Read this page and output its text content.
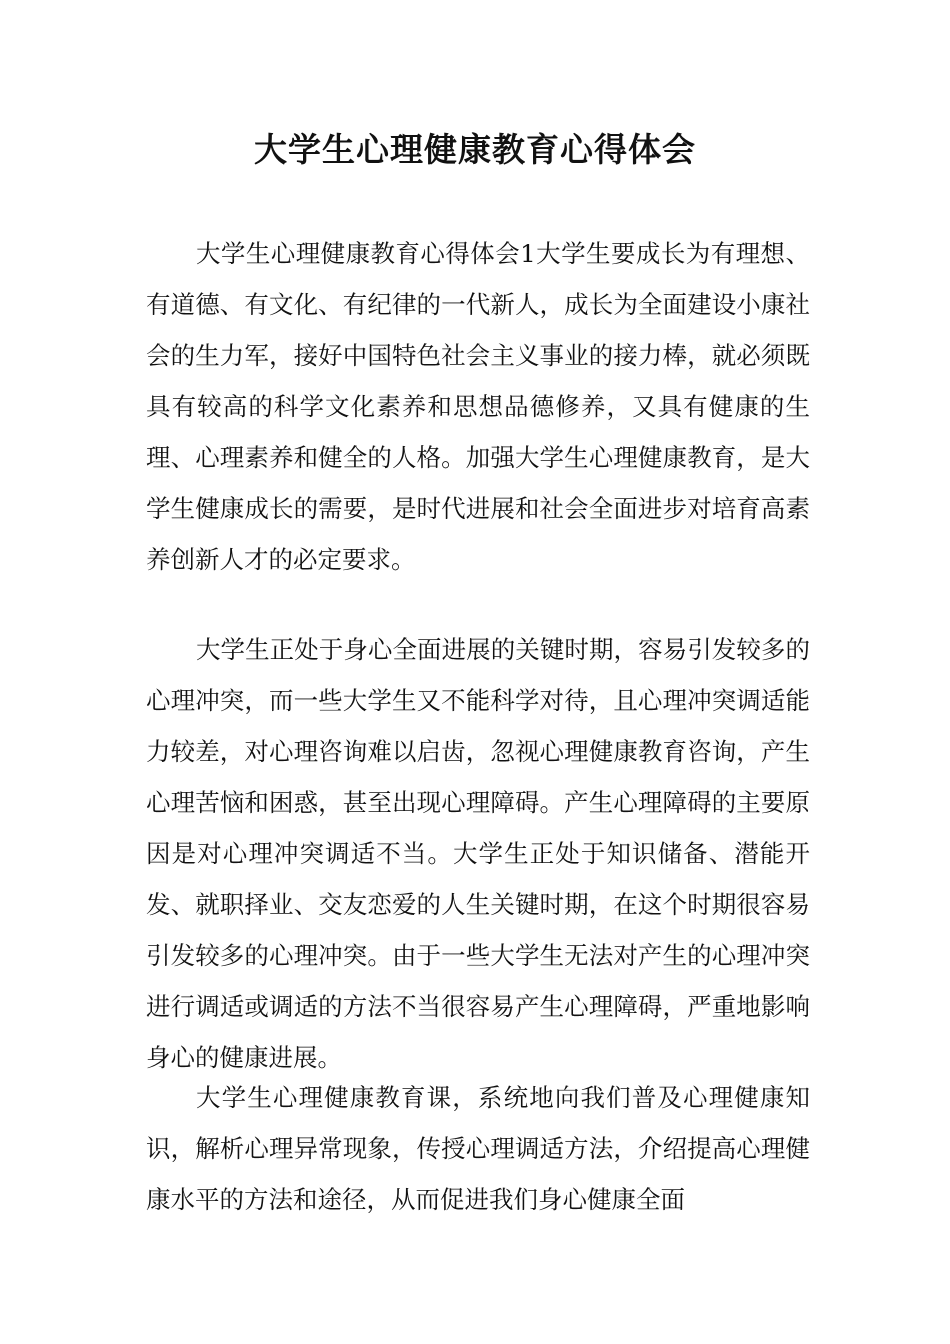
大学生心理健康教育心得体会

大学生心理健康教育心得体会1大学生要成长为有理想、有道德、有文化、有纪律的一代新人，成长为全面建设小康社会的生力军，接好中国特色社会主义事业的接力棒，就必须既具有较高的科学文化素养和思想品德修养，又具有健康的生理、心理素养和健全的人格。加强大学生心理健康教育，是大学生健康成长的需要，是时代进展和社会全面进步对培育高素养创新人才的必定要求。

大学生正处于身心全面进展的关键时期，容易引发较多的心理冲突，而一些大学生又不能科学对待，且心理冲突调适能力较差，对心理咨询难以启齿，忽视心理健康教育咨询，产生心理苦恼和困惑，甚至出现心理障碍。产生心理障碍的主要原因是对心理冲突调适不当。大学生正处于知识储备、潜能开发、就职择业、交友恋爱的人生关键时期，在这个时期很容易引发较多的心理冲突。由于一些大学生无法对产生的心理冲突进行调适或调适的方法不当很容易产生心理障碍，严重地影响身心的健康进展。

大学生心理健康教育课，系统地向我们普及心理健康知识，解析心理异常现象，传授心理调适方法，介绍提高心理健康水平的方法和途径，从而促进我们身心健康全面
